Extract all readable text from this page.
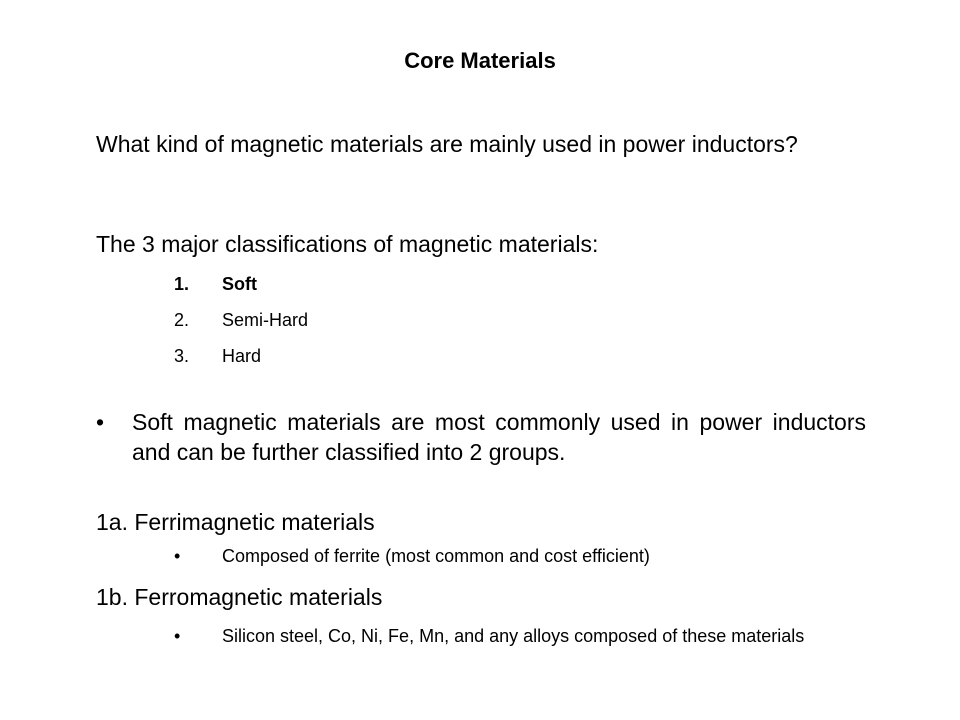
Core Materials
What kind of magnetic materials are mainly used in power inductors?
The 3 major classifications of magnetic materials:
1. Soft
2. Semi-Hard
3. Hard
• Soft magnetic materials are most commonly used in power inductors and can be further classified into 2 groups.
1a. Ferrimagnetic materials
• Composed of ferrite (most common and cost efficient)
1b. Ferromagnetic materials
• Silicon steel, Co, Ni, Fe, Mn, and any alloys composed of these materials
